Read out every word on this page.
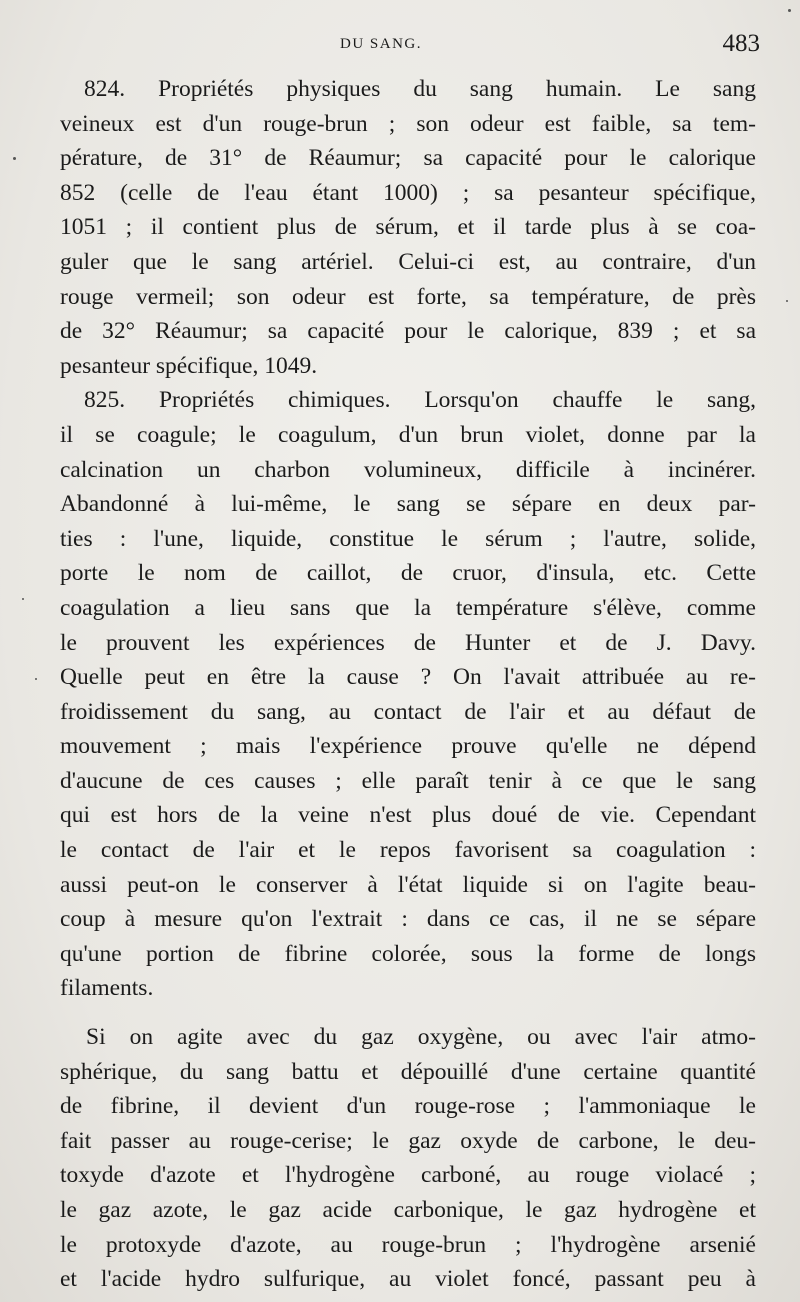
DU SANG.	483
824. Propriétés physiques du sang humain. Le sang
veineux est d'un rouge-brun ; son odeur est faible, sa tem-
pérature, de 31° de Réaumur; sa capacité pour le calorique
852 (celle de l'eau étant 1000) ; sa pesanteur spécifique,
1051 ; il contient plus de sérum, et il tarde plus à se coa-
guler que le sang artériel. Celui-ci est, au contraire, d'un
rouge vermeil; son odeur est forte, sa température, de près
de 32° Réaumur; sa capacité pour le calorique, 839 ; et sa
pesanteur spécifique, 1049.
825. Propriétés chimiques. Lorsqu'on chauffe le sang,
il se coagule; le coagulum, d'un brun violet, donne par la
calcination un charbon volumineux, difficile à incinérer.
Abandonné à lui-même, le sang se sépare en deux par-
ties : l'une, liquide, constitue le sérum ; l'autre, solide,
porte le nom de caillot, de cruor, d'insula, etc. Cette
coagulation a lieu sans que la température s'élève, comme
le prouvent les expériences de Hunter et de J. Davy.
Quelle peut en être la cause ? On l'avait attribuée au re-
froidissement du sang, au contact de l'air et au défaut de
mouvement ; mais l'expérience prouve qu'elle ne dépend
d'aucune de ces causes ; elle paraît tenir à ce que le sang
qui est hors de la veine n'est plus doué de vie. Cependant
le contact de l'air et le repos favorisent sa coagulation :
aussi peut-on le conserver à l'état liquide si on l'agite beau-
coup à mesure qu'on l'extrait : dans ce cas, il ne se sépare
qu'une portion de fibrine colorée, sous la forme de longs
filaments.
Si on agite avec du gaz oxygène, ou avec l'air atmo-
sphérique, du sang battu et dépouillé d'une certaine quantité
de fibrine, il devient d'un rouge-rose ; l'ammoniaque le
fait passer au rouge-cerise; le gaz oxyde de carbone, le deu-
toxyde d'azote et l'hydrogène carboné, au rouge violacé ;
le gaz azote, le gaz acide carbonique, le gaz hydrogène et
le protoxyde d'azote, au rouge-brun ; l'hydrogène arsenié
et l'acide hydro sulfurique, au violet foncé, passant peu à
